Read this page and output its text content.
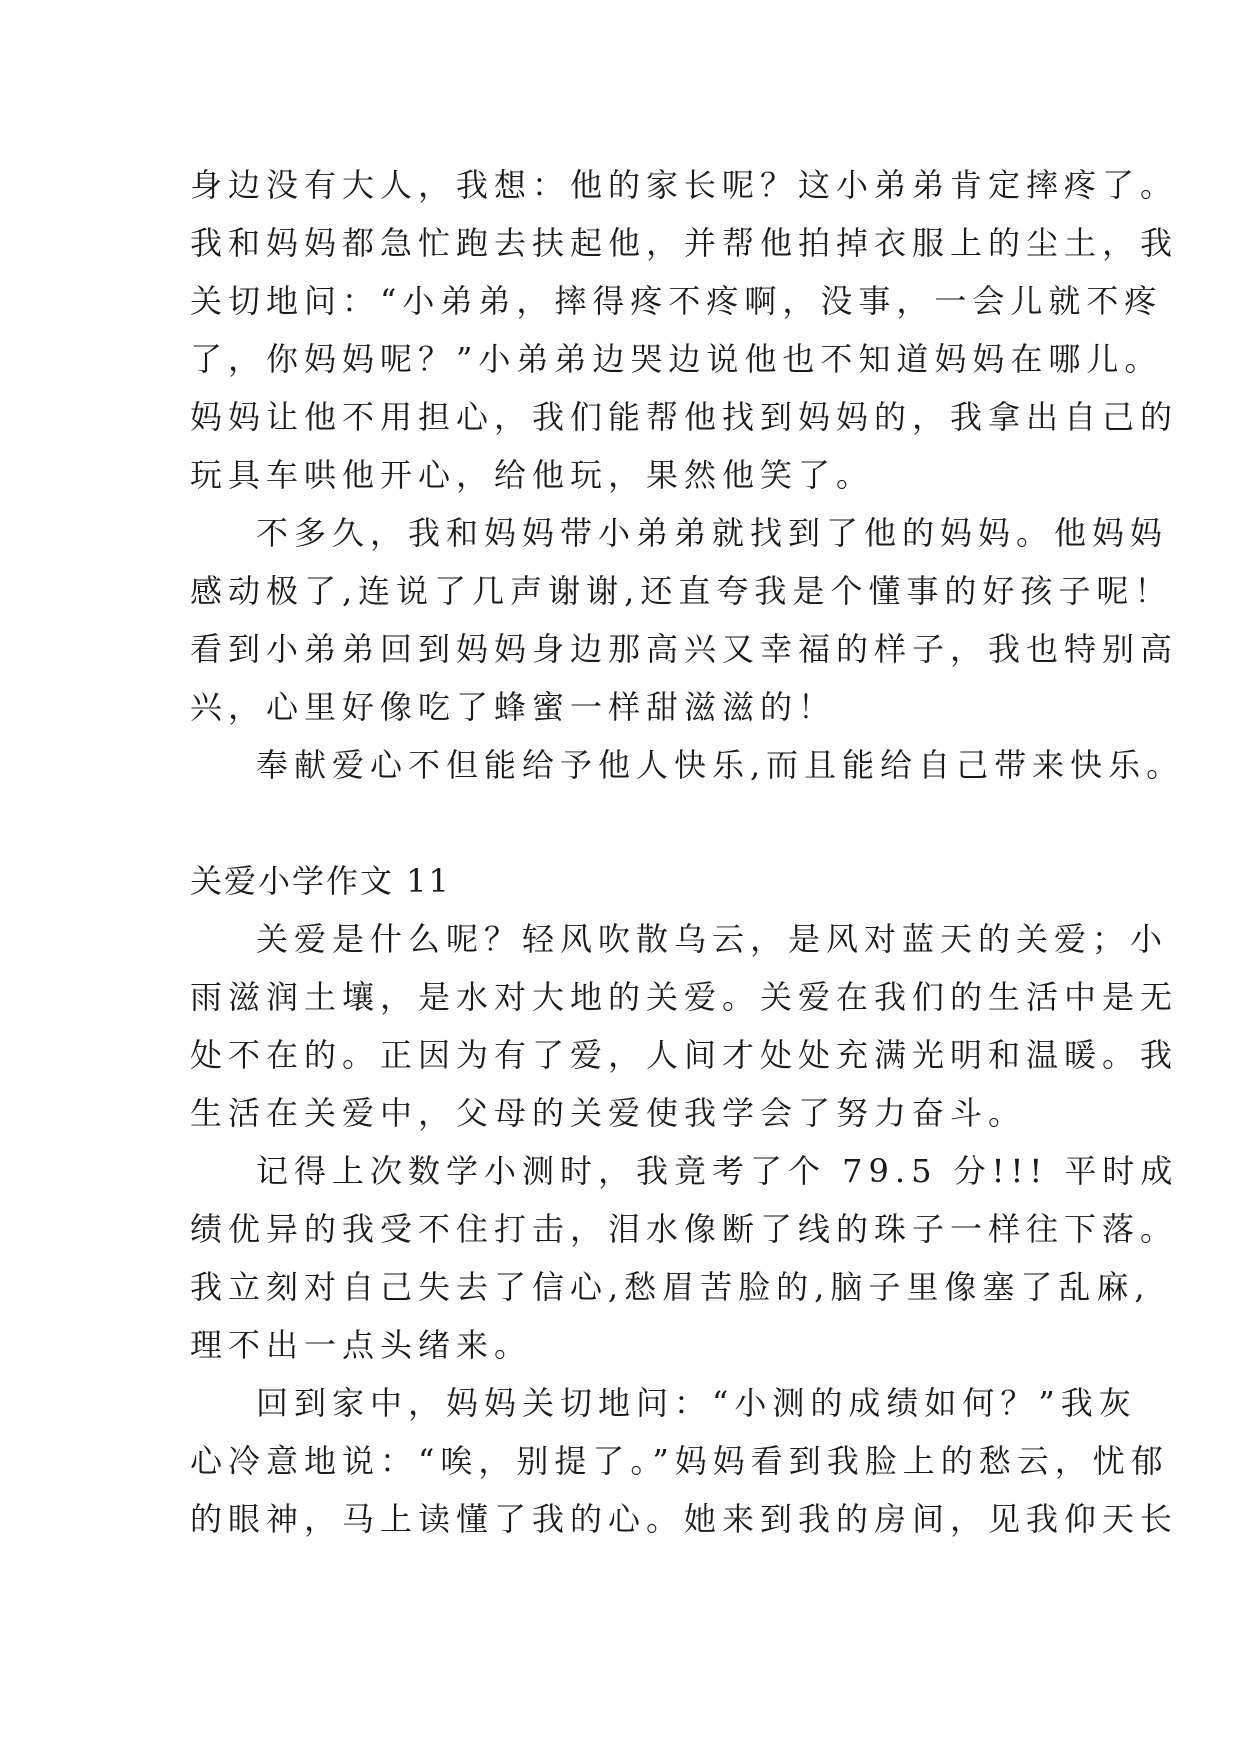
身边没有大人，我想：他的家长呢？这小弟弟肯定摔疼了。
我和妈妈都急忙跑去扶起他，并帮他拍掉衣服上的尘土，我
关切地问：“小弟弟，摔得疼不疼啊，没事，一会儿就不疼
了，你妈妈呢？”小弟弟边哭边说他也不知道妈妈在哪儿。
妈妈让他不用担心，我们能帮他找到妈妈的，我拿出自己的
玩具车哄他开心，给他玩，果然他笑了。
不多久，我和妈妈带小弟弟就找到了他的妈妈。他妈妈
感动极了,连说了几声谢谢,还直夸我是个懂事的好孩子呢！
看到小弟弟回到妈妈身边那高兴又幸福的样子，我也特别高
兴，心里好像吃了蜂蜜一样甜滋滋的！
奉献爱心不但能给予他人快乐,而且能给自己带来快乐。
关爱小学作文 11
关爱是什么呢？轻风吹散乌云，是风对蓝天的关爱；小
雨滋润土壤，是水对大地的关爱。关爱在我们的生活中是无
处不在的。正因为有了爱，人间才处处充满光明和温暖。我
生活在关爱中，父母的关爱使我学会了努力奋斗。
记得上次数学小测时，我竟考了个 79.5 分!!! 平时成
绩优异的我受不住打击，泪水像断了线的珠子一样往下落。
我立刻对自己失去了信心,愁眉苦脸的,脑子里像塞了乱麻,
理不出一点头绪来。
回到家中，妈妈关切地问：“小测的成绩如何？”我灰
心冷意地说：“唉，别提了。”妈妈看到我脸上的愁云，忧郁
的眼神，马上读懂了我的心。她来到我的房间，见我仰天长
